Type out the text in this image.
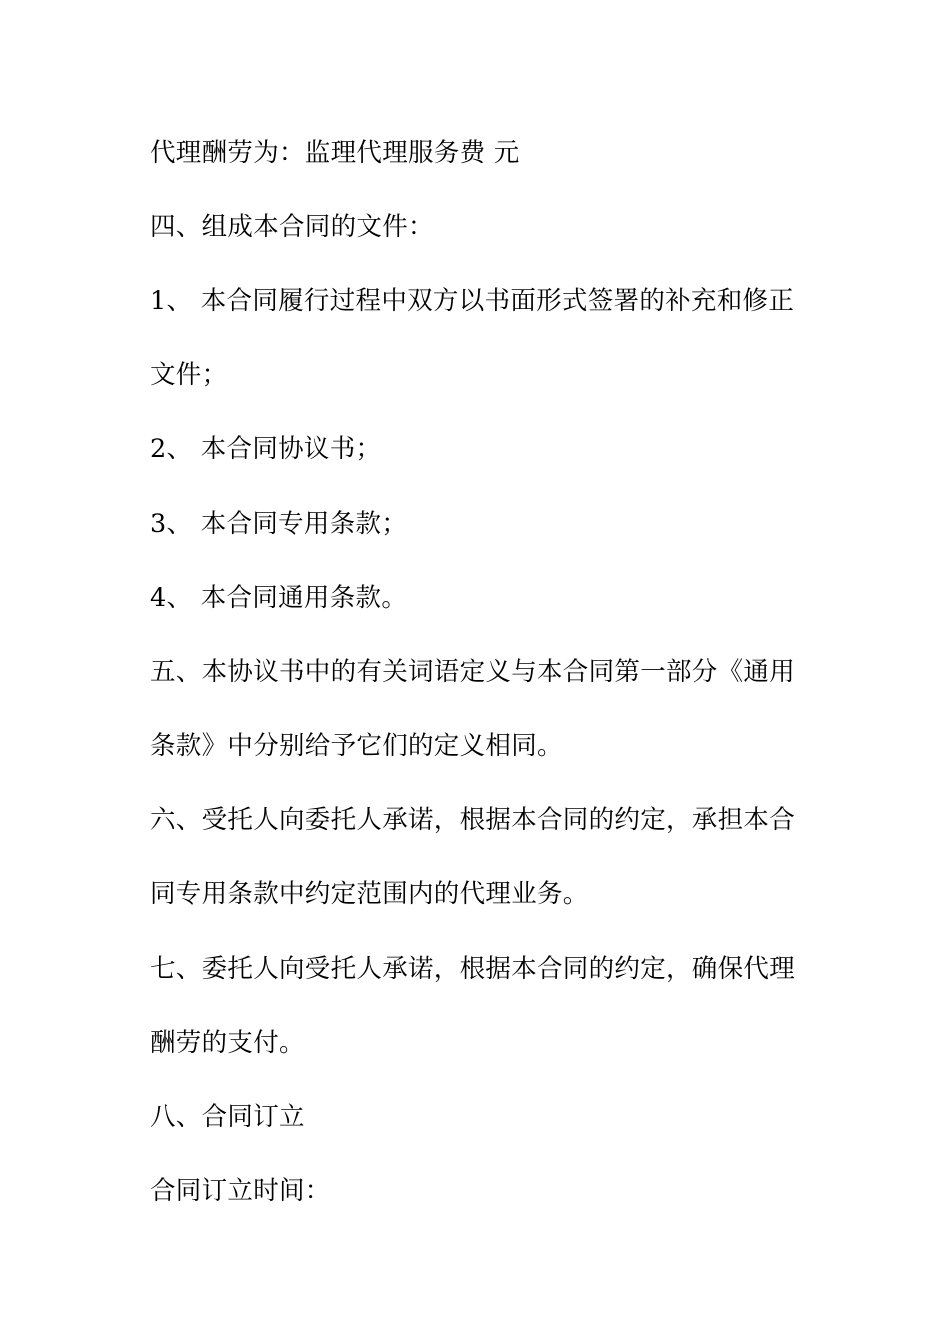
代理酬劳为：监理代理服务费 元
四、组成本合同的文件：
1、 本合同履行过程中双方以书面形式签署的补充和修正
文件；
2、 本合同协议书；
3、 本合同专用条款；
4、 本合同通用条款。
五、本协议书中的有关词语定义与本合同第一部分《通用
条款》中分别给予它们的定义相同。
六、受托人向委托人承诺，根据本合同的约定，承担本合
同专用条款中约定范围内的代理业务。
七、委托人向受托人承诺，根据本合同的约定，确保代理
酬劳的支付。
八、合同订立
合同订立时间：
